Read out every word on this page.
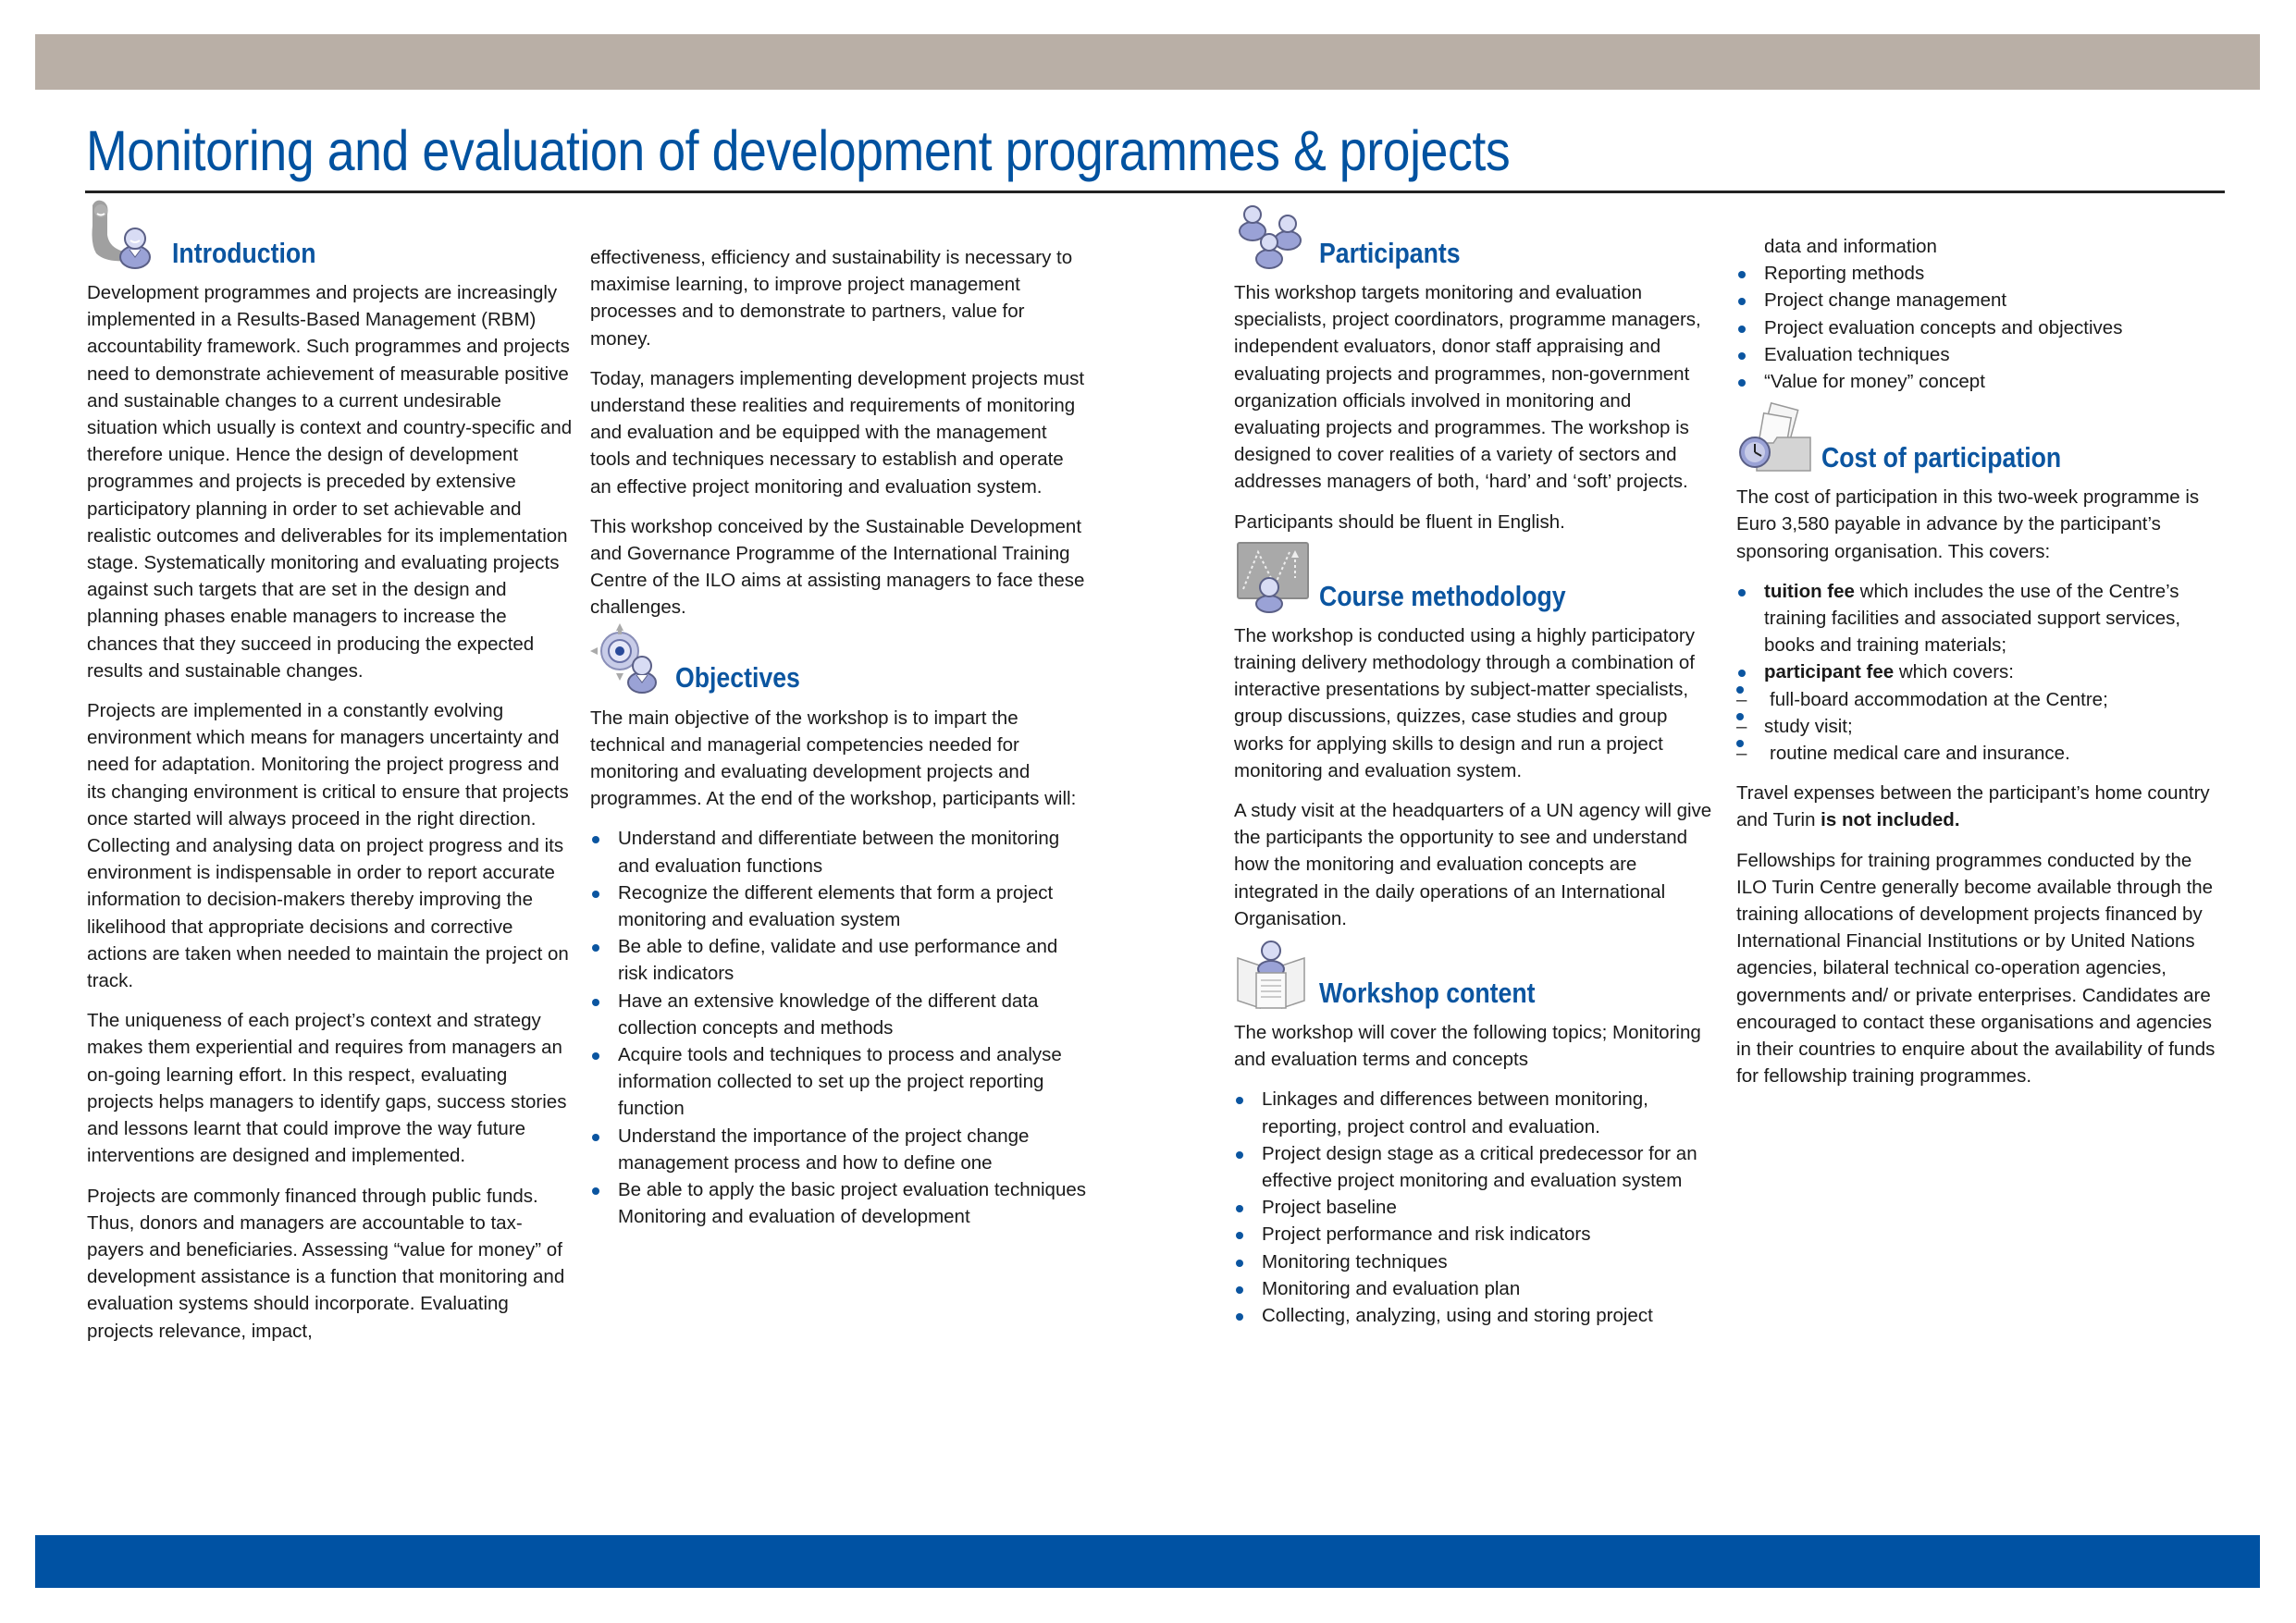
Monitoring and evaluation of development programmes & projects
Introduction

Development programmes and projects are increasingly implemented in a Results-Based Management (RBM) accountability framework. Such programmes and projects need to demonstrate achievement of measurable positive and sustainable changes to a current undesirable situation which usually is context and country-specific and therefore unique. Hence the design of development programmes and projects is preceded by extensive participatory planning in order to set achievable and realistic outcomes and deliverables for its implementation stage. Systematically monitoring and evaluating projects against such targets that are set in the design and planning phases enable managers to increase the chances that they succeed in producing the expected results and sustainable changes.

Projects are implemented in a constantly evolving environment which means for managers uncertainty and need for adaptation. Monitoring the project progress and its changing environment is critical to ensure that projects once started will always proceed in the right direction. Collecting and analysing data on project progress and its environment is indispensable in order to report accurate information to decision-makers thereby improving the likelihood that appropriate decisions and corrective actions are taken when needed to maintain the project on track.

The uniqueness of each project’s context and strategy makes them experiential and requires from managers an on-going learning effort. In this respect, evaluating projects helps managers to identify gaps, success stories and lessons learnt that could improve the way future interventions are designed and implemented.

Projects are commonly financed through public funds. Thus, donors and managers are accountable to tax-payers and beneficiaries. Assessing “value for money” of development assistance is a function that monitoring and evaluation systems should incorporate. Evaluating projects relevance, impact,

effectiveness, efficiency and sustainability is necessary to maximise learning, to improve project management processes and to demonstrate to partners, value for money.

Today, managers implementing development projects must understand these realities and requirements of monitoring and evaluation and be equipped with the management tools and techniques necessary to establish and operate an effective project monitoring and evaluation system.

This workshop conceived by the Sustainable Development and Governance Programme of the International Training Centre of the ILO aims at assisting managers to face these challenges.

Objectives

The main objective of the workshop is to impart the technical and managerial competencies needed for monitoring and evaluating development projects and programmes. At the end of the workshop, participants will:

Understand and differentiate between the monitoring and evaluation functions
Recognize the different elements that form a project monitoring and evaluation system
Be able to define, validate and use performance and risk indicators
Have an extensive knowledge of the different data collection concepts and methods
Acquire tools and techniques to process and analyse information collected to set up the project reporting function
Understand the importance of the project change management process and how to define one
Be able to apply the basic project evaluation techniques Monitoring and evaluation of development
Participants

This workshop targets monitoring and evaluation specialists, project coordinators, programme managers, independent evaluators, donor staff appraising and evaluating projects and programmes, non-government organization officials involved in monitoring and evaluating projects and programmes. The workshop is designed to cover realities of a variety of sectors and addresses managers of both, ‘hard’ and ‘soft’ projects.

Participants should be fluent in English.

Course methodology

The workshop is conducted using a highly participatory training delivery methodology through a combination of interactive presentations by subject-matter specialists, group discussions, quizzes, case studies and group works for applying skills to design and run a project monitoring and evaluation system.

A study visit at the headquarters of a UN agency will give the participants the opportunity to see and understand how the monitoring and evaluation concepts are integrated in the daily operations of an International Organisation.

Workshop content

The workshop will cover the following topics; Monitoring and evaluation terms and concepts

Linkages and differences between monitoring, reporting, project control and evaluation.
Project design stage as a critical predecessor for an effective project monitoring and evaluation system
Project baseline
Project performance and risk indicators
Monitoring techniques
Monitoring and evaluation plan
Collecting, analyzing, using and storing project
data and information
Reporting methods
Project change management
Project evaluation concepts and objectives
Evaluation techniques
“Value for money” concept
Cost of participation

The cost of participation in this two-week programme is Euro 3,580 payable in advance by the participant’s sponsoring organisation. This covers:

tuition fee which includes the use of the Centre’s training facilities and associated support services, books and training materials;
participant fee which covers:
– full-board accommodation at the Centre;
– study visit;
– routine medical care and insurance.

Travel expenses between the participant’s home country and Turin is not included.

Fellowships for training programmes conducted by the ILO Turin Centre generally become available through the training allocations of development projects financed by International Financial Institutions or by United Nations agencies, bilateral technical co-operation agencies, governments and/ or private enterprises. Candidates are encouraged to contact these organisations and agencies in their countries to enquire about the availability of funds for fellowship training programmes.
